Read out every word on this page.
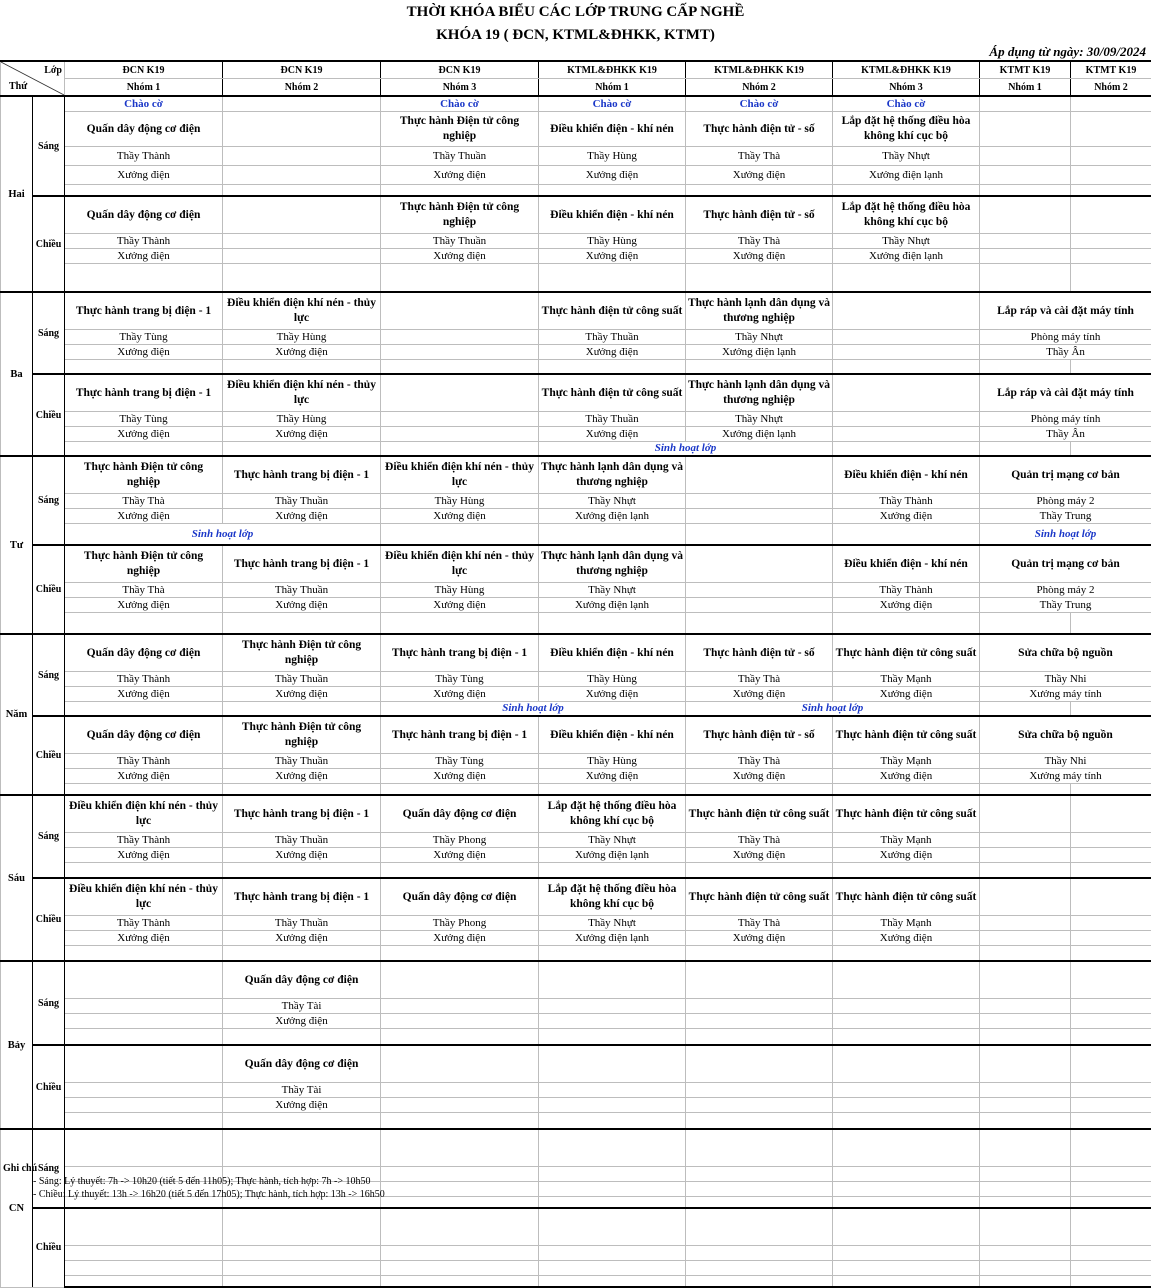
THỜI KHÓA BIỂU CÁC LỚP TRUNG CẤP NGHỀ
KHÓA 19 ( ĐCN, KTML&ĐHKK, KTMT)
Áp dụng từ ngày: 30/09/2024
Lớp
Thứ		ĐCN K19	ĐCN K19	ĐCN K19	KTML&ĐHKK K19	KTML&ĐHKK K19	KTML&ĐHKK K19	KTMT K19	KTMT K19
		Nhóm 1	Nhóm 2	Nhóm 3	Nhóm 1	Nhóm 2	Nhóm 3	Nhóm 1	Nhóm 2
Hai	Sáng	Chào cờ		Chào cờ	Chào cờ	Chào cờ	Chào cờ		
		Quấn dây động cơ điện		Thực hành Điện tử công nghiệp	Điều khiển điện - khí nén	Thực hành điện tử - số	Lắp đặt hệ thống điều hòa không khí cục bộ		
		Thầy Thành		Thầy Thuần	Thầy Hùng	Thầy Thà	Thầy Nhựt		
		Xưởng điện		Xưởng điện	Xưởng điện	Xưởng điện	Xưởng điện lạnh		

	Chiều	Quấn dây động cơ điện		Thực hành Điện tử công nghiệp	Điều khiển điện - khí nén	Thực hành điện tử - số	Lắp đặt hệ thống điều hòa không khí cục bộ		
		Thầy Thành		Thầy Thuần	Thầy Hùng	Thầy Thà	Thầy Nhựt		
		Xưởng điện		Xưởng điện	Xưởng điện	Xưởng điện	Xưởng điện lạnh		

Ba	Sáng	Thực hành trang bị điện - 1	Điều khiển điện khí nén - thủy lực		Thực hành điện tử công suất	Thực hành lạnh dân dụng và thương nghiệp		Lắp ráp và cài đặt máy tính	
		Thầy Tùng	Thầy Hùng		Thầy Thuần	Thầy Nhựt		Phòng máy tính	
		Xưởng điện	Xưởng điện		Xưởng điện	Xưởng điện lạnh		Thầy Ân	

	Chiều	Thực hành trang bị điện - 1	Điều khiển điện khí nén - thủy lực		Thực hành điện tử công suất	Thực hành lạnh dân dụng và thương nghiệp		Lắp ráp và cài đặt máy tính	
		Thầy Tùng	Thầy Hùng		Thầy Thuần	Thầy Nhựt		Phòng máy tính	
		Xưởng điện	Xưởng điện		Xưởng điện	Xưởng điện lạnh		Thầy Ân	
					Sinh hoạt lớp				
Tư	Sáng	Thực hành Điện tử công nghiệp	Thực hành trang bị điện - 1	Điều khiển điện khí nén - thủy lực	Thực hành lạnh dân dụng và thương nghiệp		Điều khiển điện - khí nén	Quản trị mạng cơ bản	
		Thầy Thà	Thầy Thuần	Thầy Hùng	Thầy Nhựt		Thầy Thành	Phòng máy 2	
		Xưởng điện	Xưởng điện	Xưởng điện	Xưởng điện lạnh		Xưởng điện	Thầy Trung	
		Sinh hoạt lớp						Sinh hoạt lớp	
	Chiều	Thực hành Điện tử công nghiệp	Thực hành trang bị điện - 1	Điều khiển điện khí nén - thủy lực	Thực hành lạnh dân dụng và thương nghiệp		Điều khiển điện - khí nén	Quản trị mạng cơ bản	
		Thầy Thà	Thầy Thuần	Thầy Hùng	Thầy Nhựt		Thầy Thành	Phòng máy 2	
		Xưởng điện	Xưởng điện	Xưởng điện	Xưởng điện lạnh		Xưởng điện	Thầy Trung	

Năm	Sáng	Quấn dây động cơ điện	Thực hành Điện tử công nghiệp	Thực hành trang bị điện - 1	Điều khiển điện - khí nén	Thực hành điện tử - số	Thực hành điện tử công suất	Sửa chữa bộ nguồn	
		Thầy Thành	Thầy Thuần	Thầy Tùng	Thầy Hùng	Thầy Thà	Thầy Mạnh	Thầy Nhi	
		Xưởng điện	Xưởng điện	Xưởng điện	Xưởng điện	Xưởng điện	Xưởng điện	Xưởng máy tính	
				Sinh hoạt lớp		Sinh hoạt lớp			
	Chiều	Quấn dây động cơ điện	Thực hành Điện tử công nghiệp	Thực hành trang bị điện - 1	Điều khiển điện - khí nén	Thực hành điện tử - số	Thực hành điện tử công suất	Sửa chữa bộ nguồn	
		Thầy Thành	Thầy Thuần	Thầy Tùng	Thầy Hùng	Thầy Thà	Thầy Mạnh	Thầy Nhi	
		Xưởng điện	Xưởng điện	Xưởng điện	Xưởng điện	Xưởng điện	Xưởng điện	Xưởng máy tính	

Sáu	Sáng	Điều khiển điện khí nén - thủy lực	Thực hành trang bị điện - 1	Quấn dây động cơ điện	Lắp đặt hệ thống điều hòa không khí cục bộ	Thực hành điện tử công suất	Thực hành điện tử công suất		
		Thầy Thành	Thầy Thuần	Thầy Phong	Thầy Nhựt	Thầy Thà	Thầy Mạnh		
		Xưởng điện	Xưởng điện	Xưởng điện	Xưởng điện lạnh	Xưởng điện	Xưởng điện		

	Chiều	Điều khiển điện khí nén - thủy lực	Thực hành trang bị điện - 1	Quấn dây động cơ điện	Lắp đặt hệ thống điều hòa không khí cục bộ	Thực hành điện tử công suất	Thực hành điện tử công suất		
		Thầy Thành	Thầy Thuần	Thầy Phong	Thầy Nhựt	Thầy Thà	Thầy Mạnh		
		Xưởng điện	Xưởng điện	Xưởng điện	Xưởng điện lạnh	Xưởng điện	Xưởng điện		

Bảy	Sáng		Quấn dây động cơ điện						
			Thầy Tài						
			Xưởng điện						

	Chiều		Quấn dây động cơ điện						
			Thầy Tài						
			Xưởng điện						

CN	Sáng								

	Chiều								

Ghi chú
- Sáng: Lý thuyết: 7h -> 10h20 (tiết 5 đến 11h05); Thực hành, tích hợp: 7h -> 10h50
- Chiều: Lý thuyết: 13h -> 16h20 (tiết 5 đến 17h05); Thực hành, tích hợp: 13h -> 16h50
